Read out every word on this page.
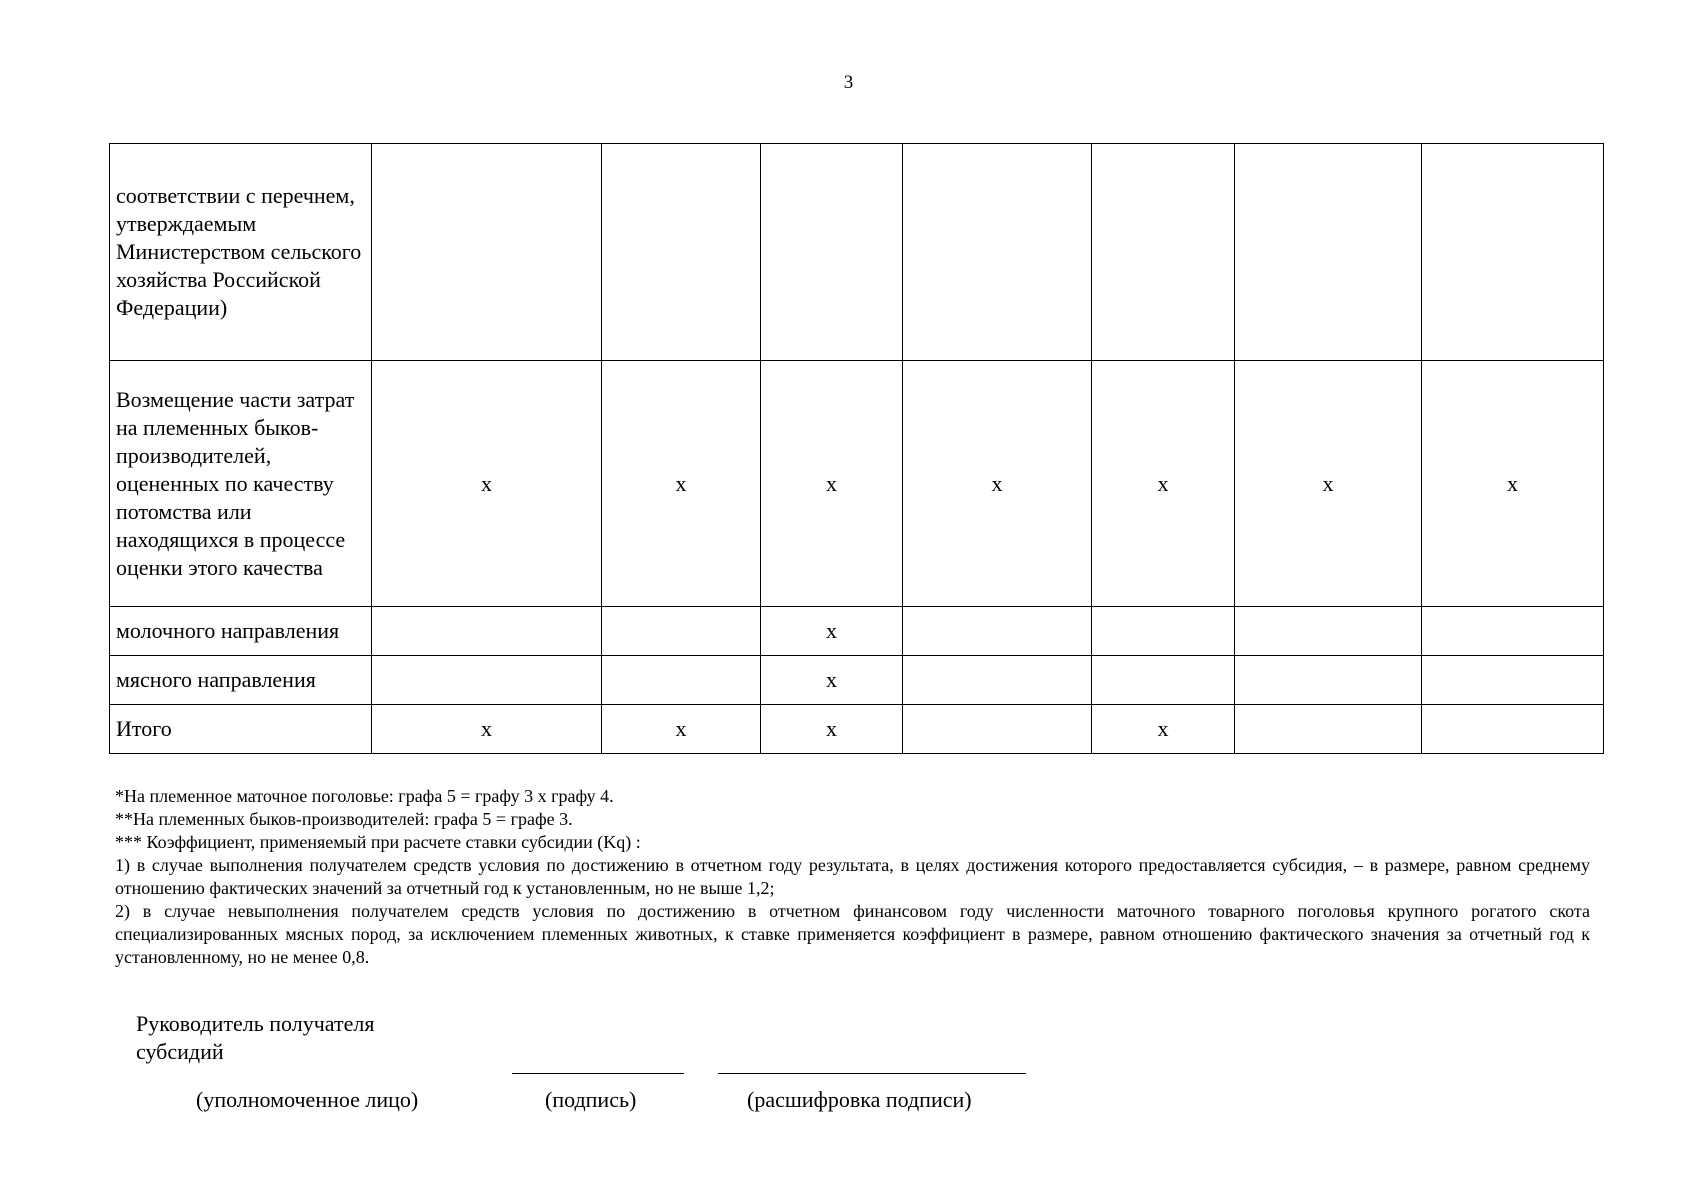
3
соответствии с перечнем, утверждаемым Министерством сельского хозяйства Российской Федерации)							
Возмещение части затрат на племенных быков-производителей, оцененных по качеству потомства или находящихся в процессе оценки этого качества	х	х	х	х	х	х	х
молочного направления			х				
мясного направления			х				
Итого	х	х	х		х		

*На племенное маточное поголовье: графа 5 = графу 3 х графу 4.

**На племенных быков-производителей: графа 5 = графе 3.

*** Коэффициент, применяемый при расчете ставки субсидии (Kq) :

1) в случае выполнения получателем средств условия по достижению в отчетном году результата, в целях достижения которого предоставляется субсидия, – в размере, равном среднему отношению фактических значений за отчетный год к установленным, но не выше 1,2;

2) в случае невыполнения получателем средств условия по достижению в отчетном финансовом году численности маточного товарного поголовья крупного рогатого скота специализированных мясных пород, за исключением племенных животных, к ставке применяется коэффициент в размере, равном отношению фактического значения за отчетный год к установленному, но не менее 0,8.

Руководитель получателя субсидий
(уполномоченное лицо)	(подпись)	(расшифровка подписи)
